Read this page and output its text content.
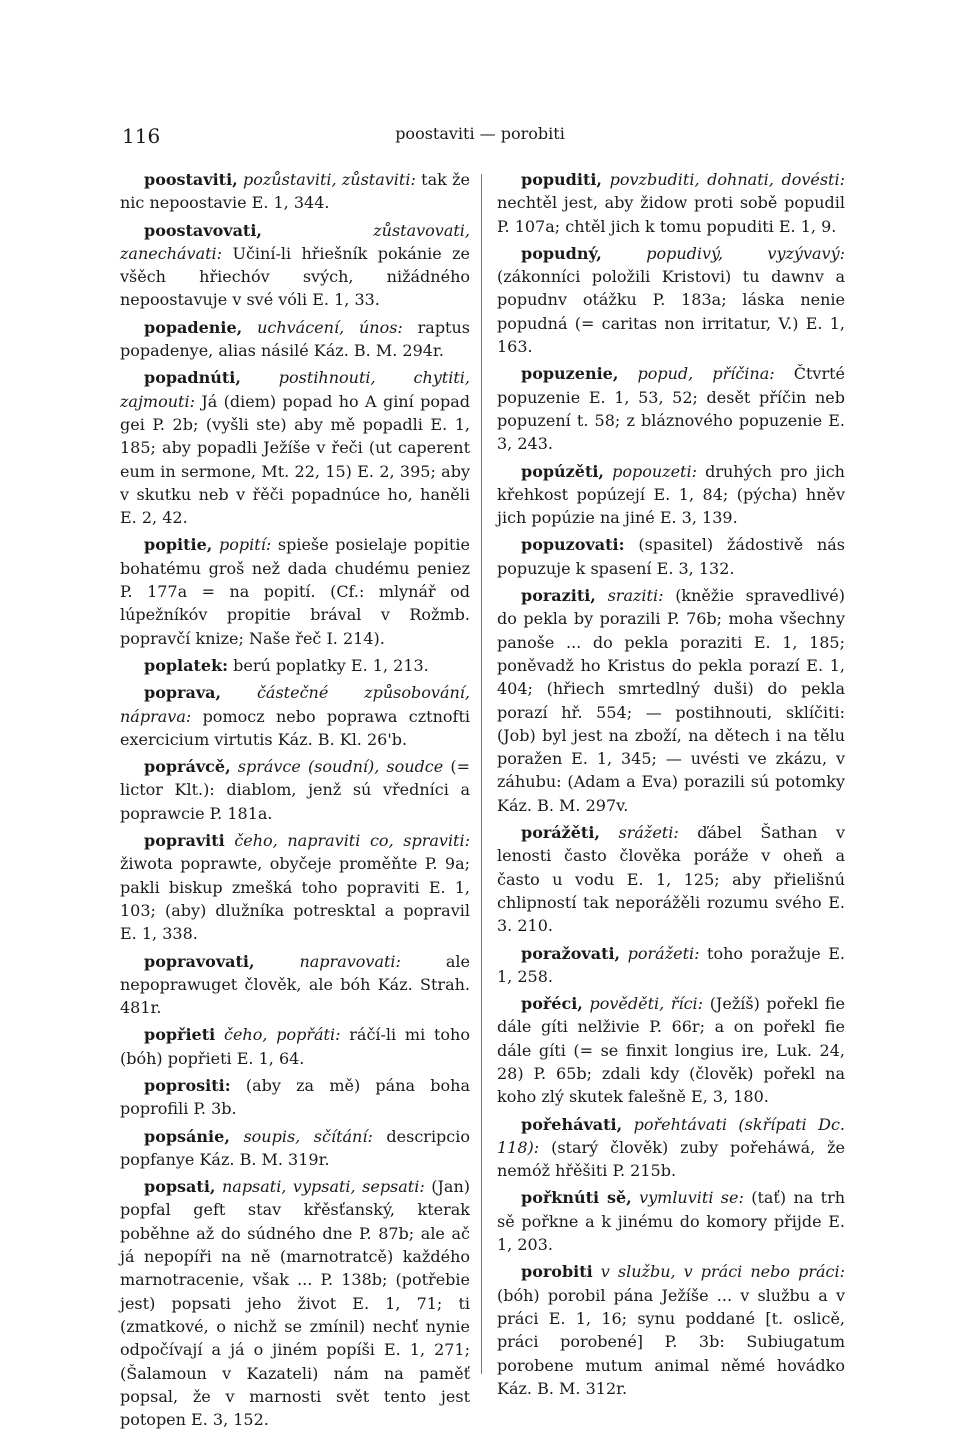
116	poostaviti — porobiti

poostaviti, pozůstaviti, zůstaviti: tak že nic nepoostavie E. 1, 344.

poostavovati,	zůstavovati, zanechávati: Učiní-li hřiešník pokánie ze všěch hřiechóv svých, nižádného nepoostavuje v své vóli E. 1, 33.

popadenie, uchvácení, únos: raptus popadenye, alias násilé Káz. B. M. 294r.

popadnúti, postihnouti, chytiti, zajmouti: Já (diem) popad ho A giní popad gei P. 2b; (vyšli ste) aby mě popadli E. 1, 185; aby popadli Ježíše v řeči (ut caperent eum in sermone, Mt. 22, 15) E. 2, 395; aby v skutku neb v řěči popadnúce ho, haněli E. 2, 42.

popitie, popití: spieše posielaje popitie bohatému groš než dada chudému peniez P. 177a = na popití. (Cf.: mlynář od lúpežníkóv propitie brával v Rožmb. popravčí knize; Naše řeč I. 214).

poplatek: berú poplatky E. 1, 213.

poprava, částečné způsobování, náprava: pomocz nebo poprawa cztnofti exercicium virtutis Káz. B. Kl. 26'b.

poprávcě, správce (soudní), soudce (= lictor Klt.): diablom, jenž sú vředníci a poprawcie P. 181a.

popraviti čeho, napraviti co, spraviti: žiwota poprawte, obyčeje proměňte P. 9a; pakli biskup zmešká toho popraviti E. 1, 103; (aby) dlužníka potresktal a popravil E. 1, 338.

popravovati,	napravovati:	ale nepoprawuget člověk, ale bóh Káz. Strah. 481r.

popřieti čeho, popřáti: ráčí-li mi toho (bóh) popřieti E. 1, 64.

poprositi: (aby za mě) pána boha poprofili P. 3b.

popsánie, soupis, sčítání: descripcio popfanye Káz. B. M. 319r.

popsati, napsati, vypsati, sepsati: (Jan) popfal geft stav křěsťanský, kterak poběhne až do súdného dne P. 87b; ale ač já nepopíři na ně (marnotratcě) každého marnotracenie, však ... P. 138b; (potřebie jest) popsati jeho život E. 1, 71; ti (zmatkové, o nichž se zmínil) nechť nynie odpočívají a já o jiném popíši E. 1, 271; (Šalamoun v Kazateli) nám na paměť popsal, že v marnosti svět tento jest potopen E. 3, 152.

popuditi, povzbuditi, dohnati, dovésti: nechtěl jest, aby židow proti sobě popudil P. 107a; chtěl jich k tomu popuditi E. 1, 9.

popudný,	popudivý, vyzývavý: (zákonníci položili Kristovi) tu dawnv a popudnv otážku P. 183a; láska nenie popudná (= caritas non irritatur, V.) E. 1, 163.

popuzenie, popud, příčina: Čtvrté popuzenie E. 1, 53, 52; desět příčin neb popuzení t. 58; z bláznového popuzenie E. 3, 243.

popúzěti, popouzeti: druhých pro jich křehkost popúzejí E. 1, 84; (pýcha) hněv jich popúzie na jiné E. 3, 139.

popuzovati: (spasitel) žádostivě nás popuzuje k spasení E. 3, 132.

poraziti, sraziti: (kněžie spravedlivé) do pekla by porazili P. 76b; moha všechny panoše ... do pekla poraziti E. 1, 185; poněvadž ho Kristus do pekla porazí E. 1, 404; (hřiech smrtedlný duši) do pekla porazí hř. 554; — postihnouti, sklíčiti: (Job) byl jest na zboží, na dětech i na tělu poražen E. 1, 345; — uvésti ve zkázu, v záhubu: (Adam a Eva) porazili sú potomky Káz. B. M. 297v.

porážěti, srážeti: ďábel Šathan v lenosti často člověka poráže v oheň a často u vodu E. 1, 125; aby přielišnú chlipností tak neporážěli rozumu svého E. 3. 210.

poražovati, porážeti: toho poražuje E. 1, 258.

pořéci, pověděti, říci: (Ježíš) pořekl fie dále gíti nelživie P. 66r; a on pořekl fie dále gíti (= se finxit longius ire, Luk. 24, 28) P. 65b; zdali kdy (člověk) pořekl na koho zlý skutek falešně E, 3, 180.

pořehávati, pořehtávati (skřípati Dc. 118): (starý člověk) zuby pořeháwá, že nemóž hřěšiti P. 215b.

pořknúti sě, vymluviti se: (tať) na trh sě pořkne a k jinému do komory přijde E. 1, 203.

porobiti v službu, v práci nebo práci: (bóh) porobil pána Ježíše ... v službu a v práci E. 1, 16; synu poddané [t. oslicě, práci porobené] P. 3b: Subiugatum porobene mutum animal němé hovádko Káz. B. M. 312r.
